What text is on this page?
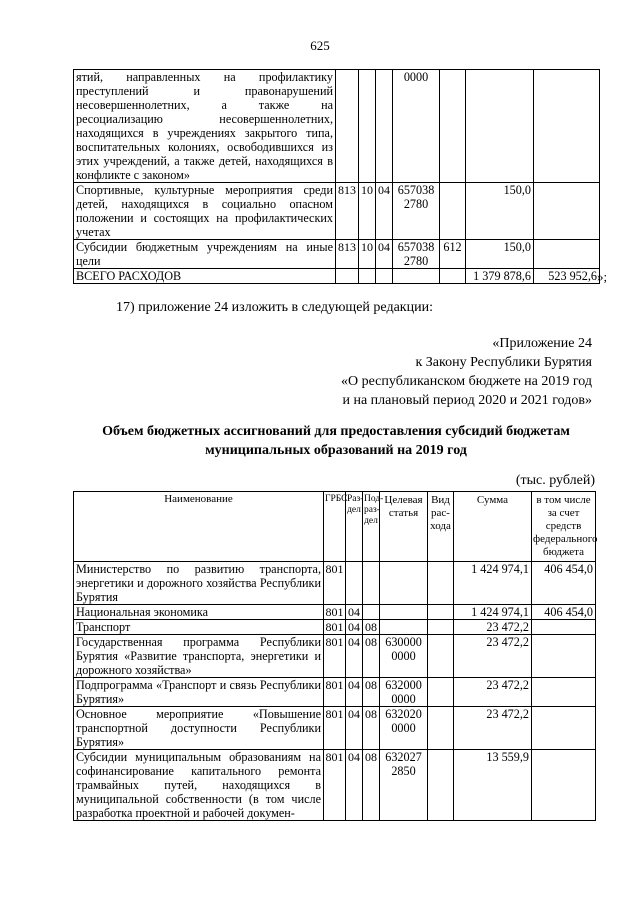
625
ятий, направленных на профилактику преступлений и правонарушений несовершеннолетних, а также на ресоциализацию несовершеннолетних, находящихся в учреждениях закрытого типа, воспитательных колониях, освободившихся из этих учреждений, а также детей, находящихся в конфликте с законом»				0000			
Спортивные, культурные мероприятия среди детей, находящихся в социально опасном положении и состоящих на профилактических учетах	813	10	04	657038 2780		150,0	
Субсидии бюджетным учреждениям на иные цели	813	10	04	657038 2780	612	150,0	
ВСЕГО РАСХОДОВ						1 379 878,6	523 952,6 »;
17) приложение 24 изложить в следующей редакции:
«Приложение 24
к Закону Республики Бурятия
«О республиканском бюджете на 2019 год
и на плановый период 2020 и 2021 годов»
Объем бюджетных ассигнований для предоставления субсидий бюджетам
муниципальных образований на 2019 год
(тыс. рублей)
Наименование	ГРБС	Раз-дел	Под-раз-дел	Целевая статья	Вид рас-хода	Сумма	в том числе за счет средств федерального бюджета
Министерство по развитию транспорта, энергетики и дорожного хозяйства Республики Бурятия	801					1 424 974,1	406 454,0
Национальная экономика	801	04				1 424 974,1	406 454,0
Транспорт	801	04	08			23 472,2	
Государственная программа Республики Бурятия «Развитие транспорта, энергетики и дорожного хозяйства»	801	04	08	630000 0000		23 472,2	
Подпрограмма «Транспорт и связь Республики Бурятия»	801	04	08	632000 0000		23 472,2	
Основное мероприятие «Повышение транспортной доступности Республики Бурятия»	801	04	08	632020 0000		23 472,2	
Субсидии муниципальным образованиям на софинансирование капитального ремонта трамвайных путей, находящихся в муниципальной собственности (в том числе разработка проектной и рабочей докумен-	801	04	08	632027 2850		13 559,9	
